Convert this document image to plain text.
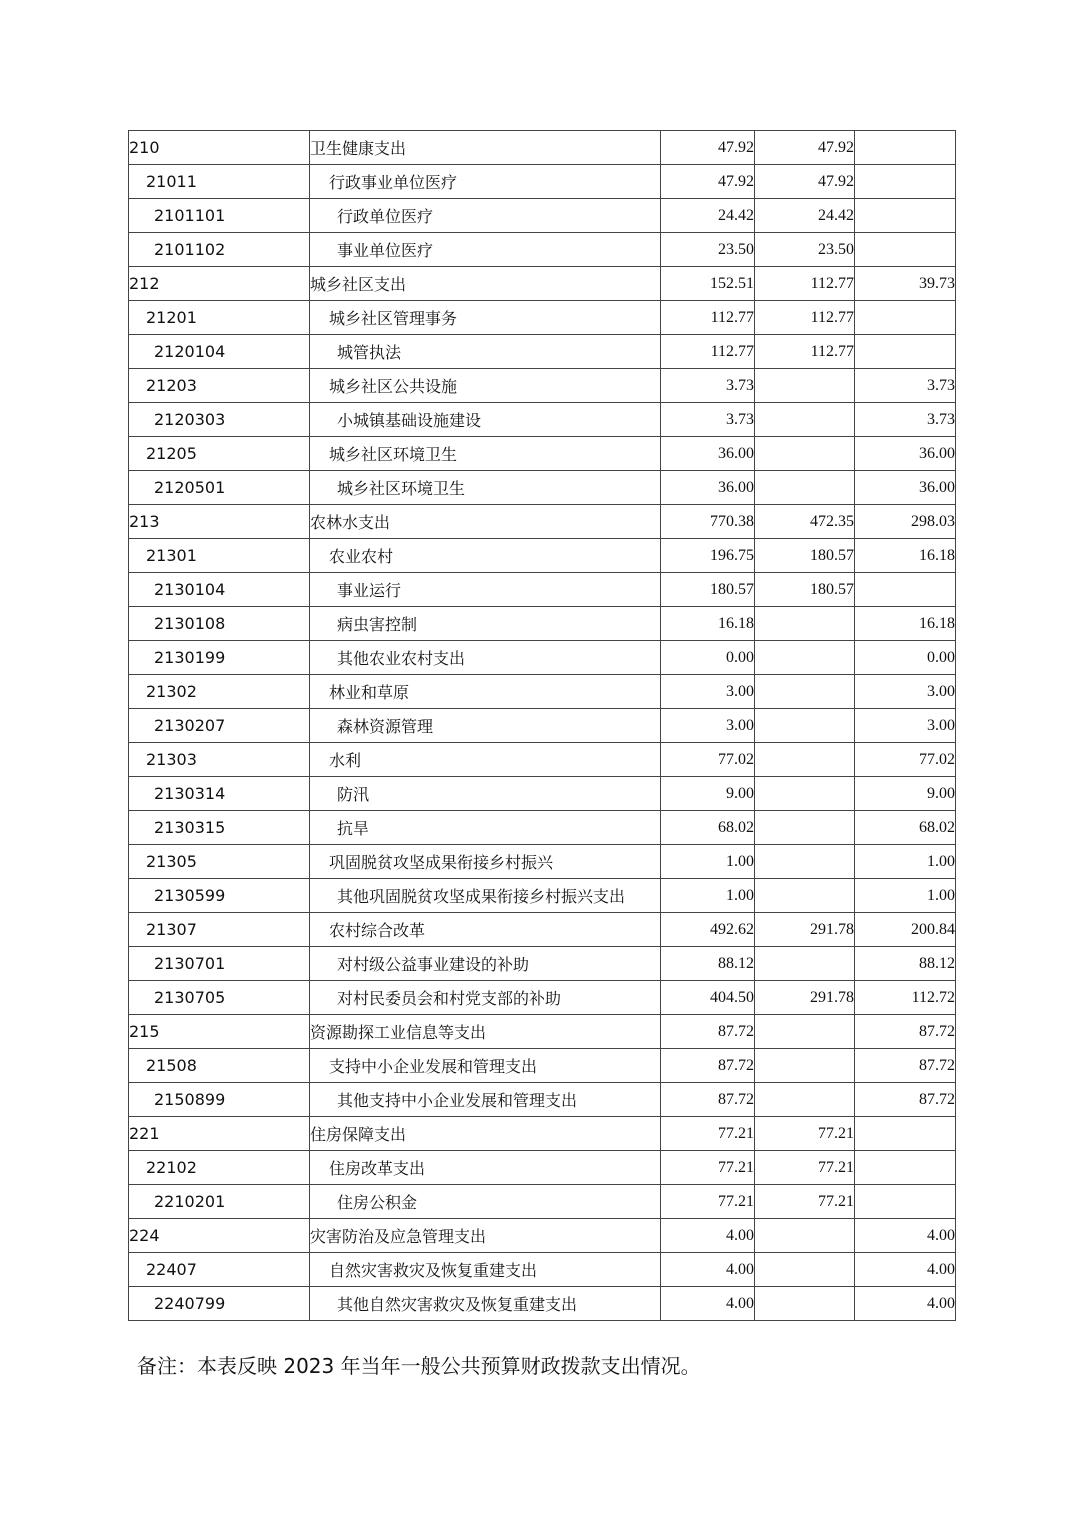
210	卫生健康支出	47.92	47.92	
21011	行政事业单位医疗	47.92	47.92	
2101101	行政单位医疗	24.42	24.42	
2101102	事业单位医疗	23.50	23.50	
212	城乡社区支出	152.51	112.77	39.73
21201	城乡社区管理事务	112.77	112.77	
2120104	城管执法	112.77	112.77	
21203	城乡社区公共设施	3.73		3.73
2120303	小城镇基础设施建设	3.73		3.73
21205	城乡社区环境卫生	36.00		36.00
2120501	城乡社区环境卫生	36.00		36.00
213	农林水支出	770.38	472.35	298.03
21301	农业农村	196.75	180.57	16.18
2130104	事业运行	180.57	180.57	
2130108	病虫害控制	16.18		16.18
2130199	其他农业农村支出	0.00		0.00
21302	林业和草原	3.00		3.00
2130207	森林资源管理	3.00		3.00
21303	水利	77.02		77.02
2130314	防汛	9.00		9.00
2130315	抗旱	68.02		68.02
21305	巩固脱贫攻坚成果衔接乡村振兴	1.00		1.00
2130599	其他巩固脱贫攻坚成果衔接乡村振兴支出	1.00		1.00
21307	农村综合改革	492.62	291.78	200.84
2130701	对村级公益事业建设的补助	88.12		88.12
2130705	对村民委员会和村党支部的补助	404.50	291.78	112.72
215	资源勘探工业信息等支出	87.72		87.72
21508	支持中小企业发展和管理支出	87.72		87.72
2150899	其他支持中小企业发展和管理支出	87.72		87.72
221	住房保障支出	77.21	77.21	
22102	住房改革支出	77.21	77.21	
2210201	住房公积金	77.21	77.21	
224	灾害防治及应急管理支出	4.00		4.00
22407	自然灾害救灾及恢复重建支出	4.00		4.00
2240799	其他自然灾害救灾及恢复重建支出	4.00		4.00
备注：本表反映 2023 年当年一般公共预算财政拨款支出情况。
